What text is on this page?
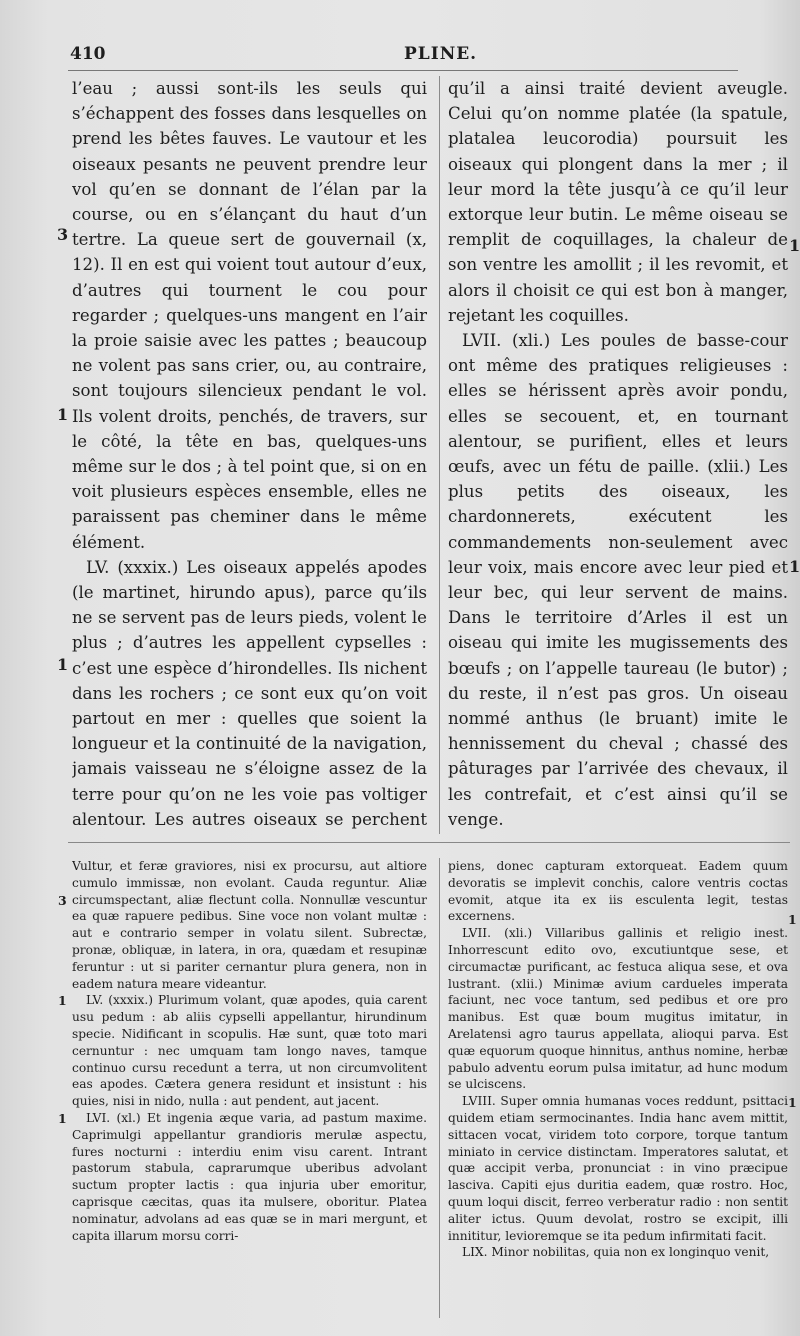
410	PLINE.

l’eau ; aussi sont-ils les seuls qui s’échappent des fosses dans lesquelles on prend les bêtes fauves. Le vautour et les oiseaux pesants ne peuvent prendre leur vol qu’en se donnant de l’élan par la course, ou en s’élançant du haut d’un tertre. La queue sert de gouvernail (x, 12). Il en est qui voient tout autour d’eux, d’autres qui tournent le cou pour regarder ; quelques-uns mangent en l’air la proie saisie avec les pattes ; beaucoup ne volent pas sans crier, ou, au contraire, sont toujours silencieux pendant le vol. Ils volent droits, penchés, de travers, sur le côté, la tête en bas, quelques-uns même sur le dos ; à tel point que, si on en voit plusieurs espèces ensemble, elles ne paraissent pas cheminer dans le même élément.

LV. (xxxix.) Les oiseaux appelés apodes (le martinet, hirundo apus), parce qu’ils ne se servent pas de leurs pieds, volent le plus ; d’autres les appellent cypselles : c’est une espèce d’hirondelles. Ils nichent dans les rochers ; ce sont eux qu’on voit partout en mer : quelles que soient la longueur et la continuité de la navigation, jamais vaisseau ne s’éloigne assez de la terre pour qu’on ne les voie pas voltiger alentour. Les autres oiseaux se perchent

qu’il a ainsi traité devient aveugle. Celui qu’on nomme platée (la spatule, platalea leucorodia) poursuit les oiseaux qui plongent dans la mer ; il leur mord la tête jusqu’à ce qu’il leur extorque leur butin. Le même oiseau se remplit de coquillages, la chaleur de son ventre les amollit ; il les revomit, et alors il choisit ce qui est bon à manger, rejetant les coquilles.

LVII. (xli.) Les poules de basse-cour ont même des pratiques religieuses : elles se hérissent après avoir pondu, elles se secouent, et, en tournant alentour, se purifient, elles et leurs œufs, avec un fétu de paille. (xlii.) Les plus petits des oiseaux, les chardonnerets, exécutent les commandements non-seulement avec leur voix, mais encore avec leur pied et leur bec, qui leur servent de mains. Dans le territoire d’Arles il est un oiseau qui imite les mugissements des bœufs ; on l’appelle taureau (le butor) ; du reste, il n’est pas gros. Un oiseau nommé anthus (le bruant) imite le hennissement du cheval ; chassé des pâturages par l’arrivée des chevaux, il les contrefait, et c’est ainsi qu’il se venge.

Vultur, et feræ graviores, nisi ex procursu, aut altiore cumulo immissæ, non evolant. Cauda reguntur. Aliæ circumspectant, aliæ flectunt colla. Nonnullæ vescuntur ea quæ rapuere pedibus. Sine voce non volant multæ : aut e contrario semper in volatu silent. Subrectæ, pronæ, obliquæ, in latera, in ora, quædam et resupinæ feruntur : ut si pariter cernantur plura genera, non in eadem natura meare videantur.

LV. (xxxix.) Plurimum volant, quæ apodes, quia carent usu pedum : ab aliis cypselli appellantur, hirundinum specie. Nidificant in scopulis. Hæ sunt, quæ toto mari cernuntur : nec umquam tam longo naves, tamque continuo cursu recedunt a terra, ut non circumvolitent eas apodes. Cætera genera residunt et insistunt : his quies, nisi in nido, nulla : aut pendent, aut jacent.

LVI. (xl.) Et ingenia æque varia, ad pastum maxime. Caprimulgi appellantur grandioris merulæ aspectu, fures nocturni : interdiu enim visu carent. Intrant pastorum stabula, caprarumque uberibus advolant suctum propter lactis : qua injuria uber emoritur, caprisque cæcitas, quas ita mulsere, oboritur. Platea nominatur, advolans ad eas quæ se in mari mergunt, et capita illarum morsu corri-

piens, donec capturam extorqueat. Eadem quum devoratis se implevit conchis, calore ventris coctas evomit, atque ita ex iis esculenta legit, testas excernens.

LVII. (xli.) Villaribus gallinis et religio inest. Inhorrescunt edito ovo, excutiuntque sese, et circumactæ purificant, ac festuca aliqua sese, et ova lustrant. (xlii.) Minimæ avium cardueles imperata faciunt, nec voce tantum, sed pedibus et ore pro manibus. Est quæ boum mugitus imitatur, in Arelatensi agro taurus appellata, alioqui parva. Est quæ equorum quoque hinnitus, anthus nomine, herbæ pabulo adventu eorum pulsa imitatur, ad hunc modum se ulciscens.

LVIII. Super omnia humanas voces reddunt, psittaci quidem etiam sermocinantes. India hanc avem mittit, sittacen vocat, viridem toto corpore, torque tantum miniato in cervice distinctam. Imperatores salutat, et quæ accipit verba, pronunciat : in vino præcipue lasciva. Capiti ejus duritia eadem, quæ rostro. Hoc, quum loqui discit, ferreo verberatur radio : non sentit aliter ictus. Quum devolat, rostro se excipit, illi innititur, levioremque se ita pedum infirmitati facit.

LIX. Minor nobilitas, quia non ex longinquo venit,

3
1
1
1
1
3
1
1
1
1
